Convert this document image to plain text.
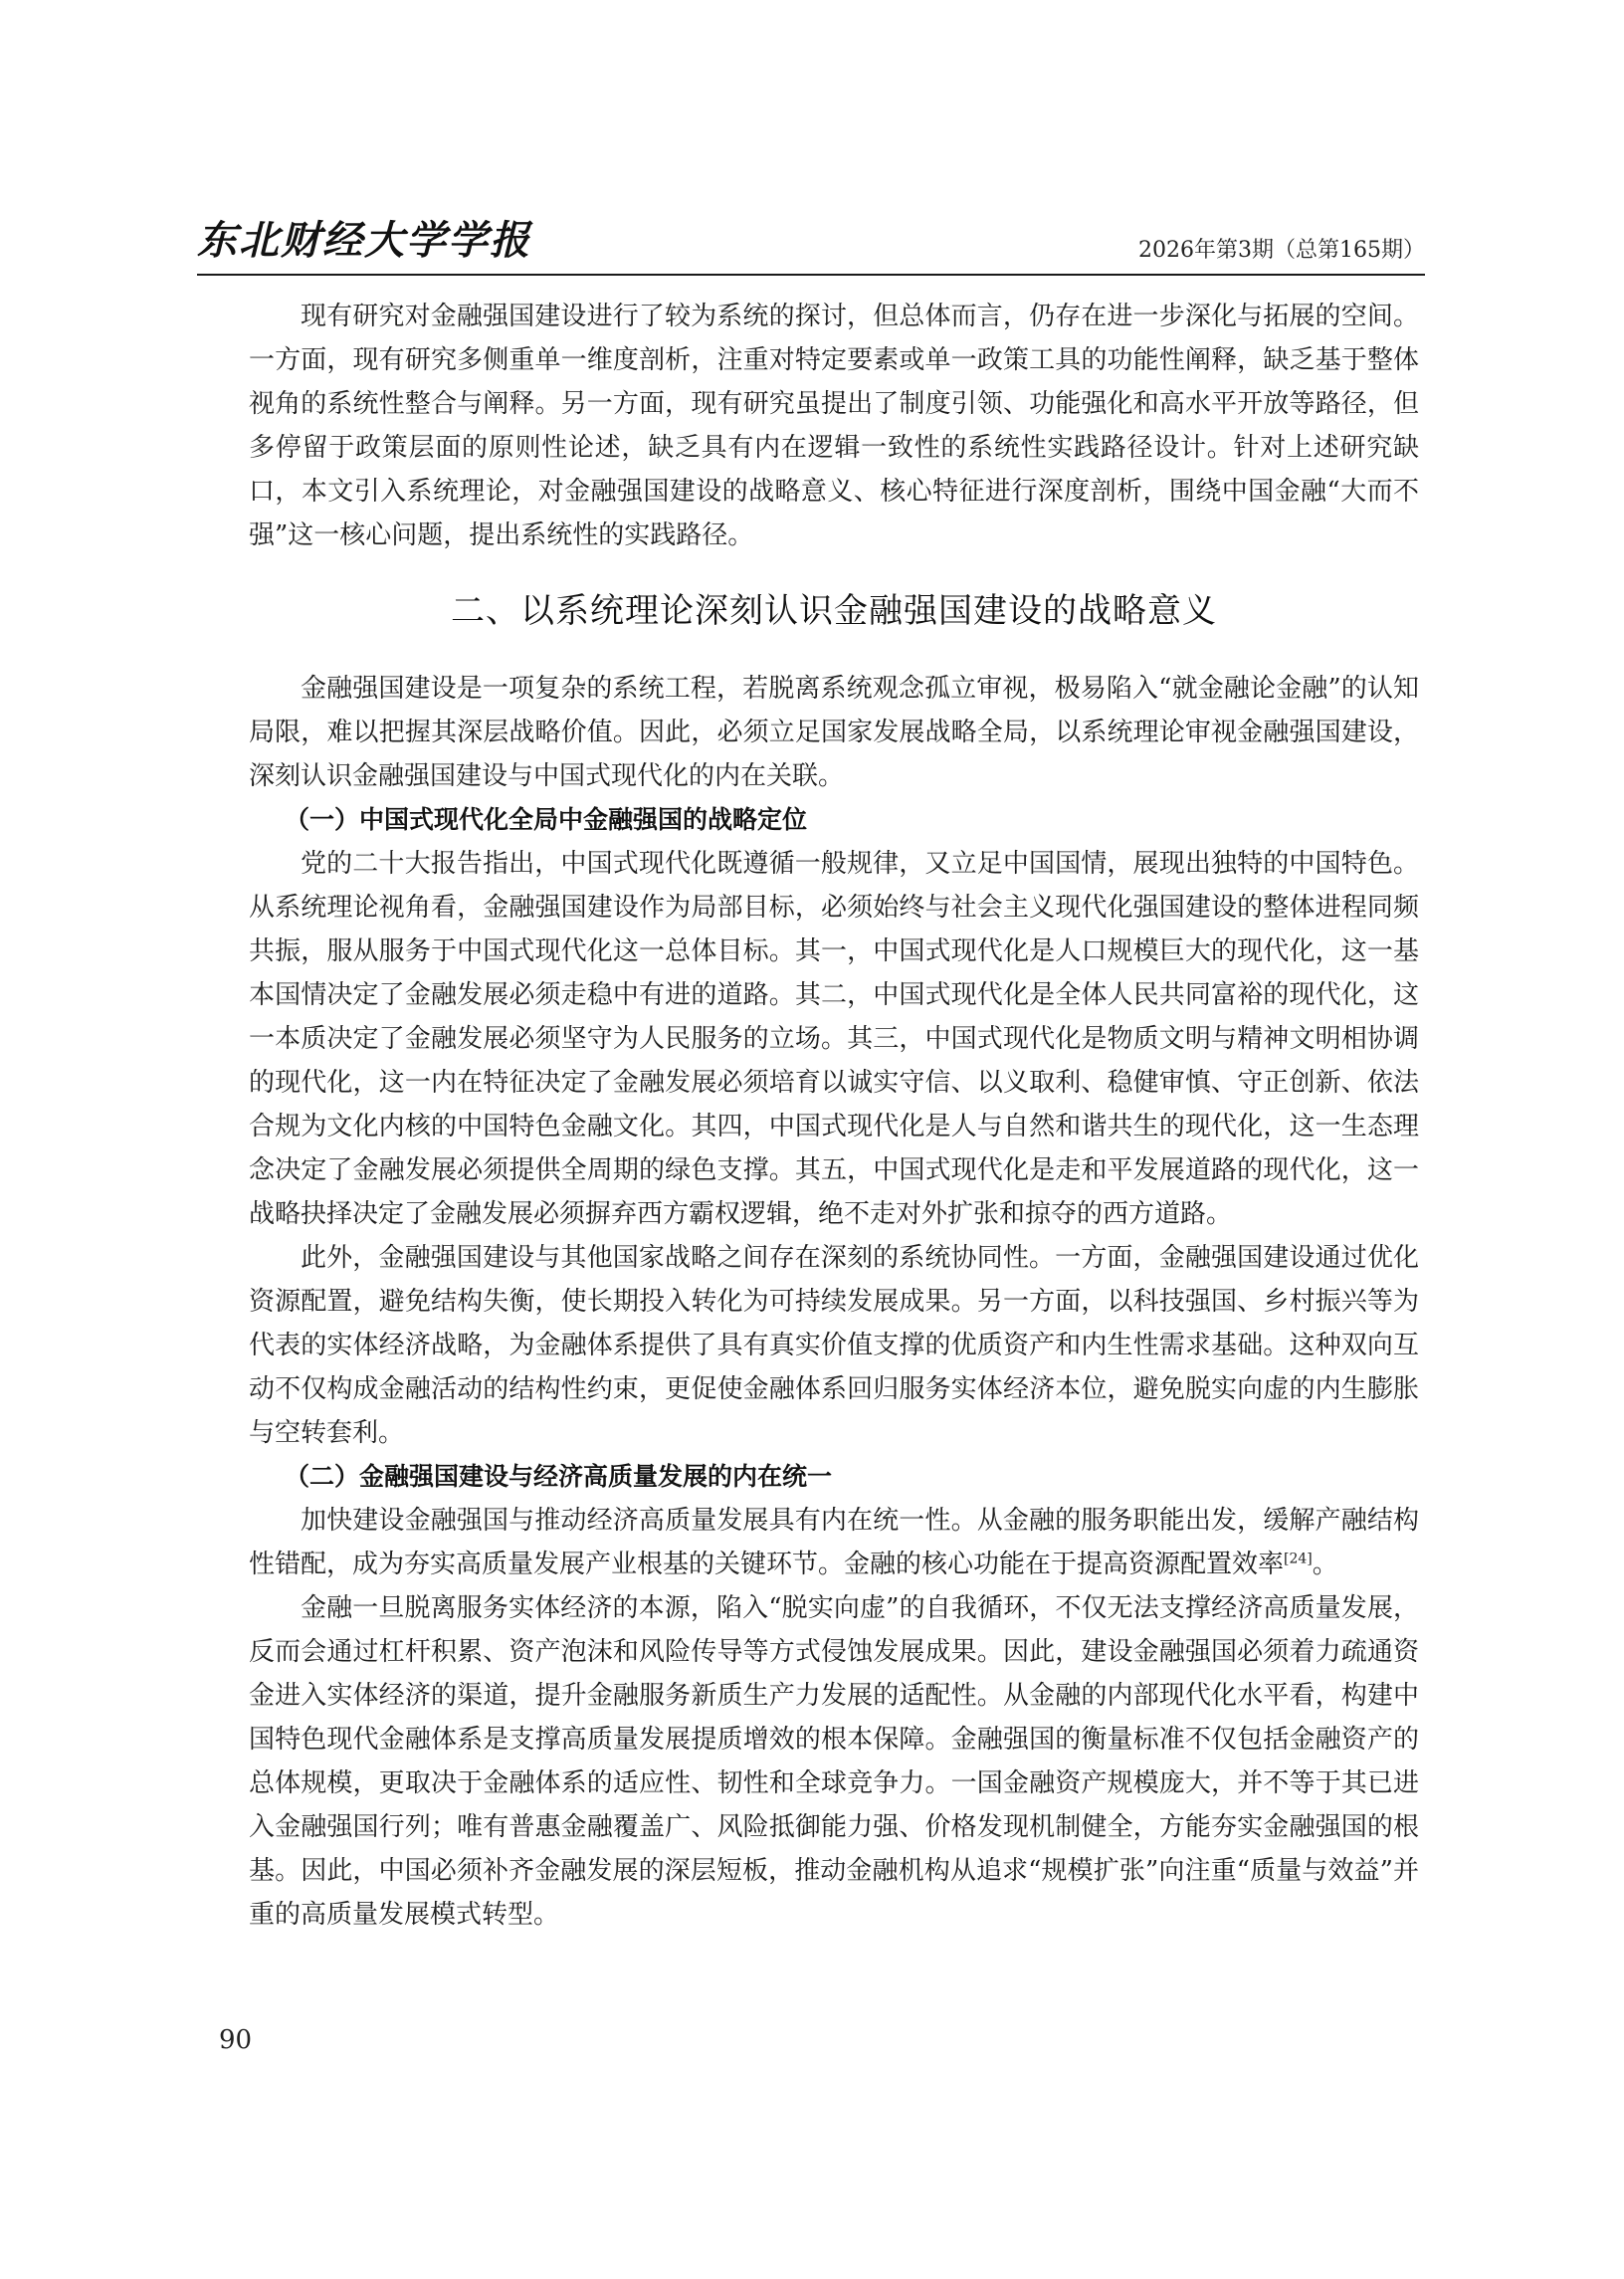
东北财经大学学报	2026年第3期（总第165期）

现有研究对金融强国建设进行了较为系统的探讨，但总体而言，仍存在进一步深化与拓展的空间。一方面，现有研究多侧重单一维度剖析，注重对特定要素或单一政策工具的功能性阐释，缺乏基于整体视角的系统性整合与阐释。另一方面，现有研究虽提出了制度引领、功能强化和高水平开放等路径，但多停留于政策层面的原则性论述，缺乏具有内在逻辑一致性的系统性实践路径设计。针对上述研究缺口，本文引入系统理论，对金融强国建设的战略意义、核心特征进行深度剖析，围绕中国金融“大而不强”这一核心问题，提出系统性的实践路径。

二、以系统理论深刻认识金融强国建设的战略意义

金融强国建设是一项复杂的系统工程，若脱离系统观念孤立审视，极易陷入“就金融论金融”的认知局限，难以把握其深层战略价值。因此，必须立足国家发展战略全局，以系统理论审视金融强国建设，深刻认识金融强国建设与中国式现代化的内在关联。

（一）中国式现代化全局中金融强国的战略定位

党的二十大报告指出，中国式现代化既遵循一般规律，又立足中国国情，展现出独特的中国特色。从系统理论视角看，金融强国建设作为局部目标，必须始终与社会主义现代化强国建设的整体进程同频共振，服从服务于中国式现代化这一总体目标。其一，中国式现代化是人口规模巨大的现代化，这一基本国情决定了金融发展必须走稳中有进的道路。其二，中国式现代化是全体人民共同富裕的现代化，这一本质决定了金融发展必须坚守为人民服务的立场。其三，中国式现代化是物质文明与精神文明相协调的现代化，这一内在特征决定了金融发展必须培育以诚实守信、以义取利、稳健审慎、守正创新、依法合规为文化内核的中国特色金融文化。其四，中国式现代化是人与自然和谐共生的现代化，这一生态理念决定了金融发展必须提供全周期的绿色支撑。其五，中国式现代化是走和平发展道路的现代化，这一战略抉择决定了金融发展必须摒弃西方霸权逻辑，绝不走对外扩张和掠夺的西方道路。

此外，金融强国建设与其他国家战略之间存在深刻的系统协同性。一方面，金融强国建设通过优化资源配置，避免结构失衡，使长期投入转化为可持续发展成果。另一方面，以科技强国、乡村振兴等为代表的实体经济战略，为金融体系提供了具有真实价值支撑的优质资产和内生性需求基础。这种双向互动不仅构成金融活动的结构性约束，更促使金融体系回归服务实体经济本位，避免脱实向虚的内生膨胀与空转套利。

（二）金融强国建设与经济高质量发展的内在统一

加快建设金融强国与推动经济高质量发展具有内在统一性。从金融的服务职能出发，缓解产融结构性错配，成为夯实高质量发展产业根基的关键环节。金融的核心功能在于提高资源配置效率[24]。

金融一旦脱离服务实体经济的本源，陷入“脱实向虚”的自我循环，不仅无法支撑经济高质量发展，反而会通过杠杆积累、资产泡沫和风险传导等方式侵蚀发展成果。因此，建设金融强国必须着力疏通资金进入实体经济的渠道，提升金融服务新质生产力发展的适配性。从金融的内部现代化水平看，构建中国特色现代金融体系是支撑高质量发展提质增效的根本保障。金融强国的衡量标准不仅包括金融资产的总体规模，更取决于金融体系的适应性、韧性和全球竞争力。一国金融资产规模庞大，并不等于其已进入金融强国行列；唯有普惠金融覆盖广、风险抵御能力强、价格发现机制健全，方能夯实金融强国的根基。因此，中国必须补齐金融发展的深层短板，推动金融机构从追求“规模扩张”向注重“质量与效益”并重的高质量发展模式转型。

90
